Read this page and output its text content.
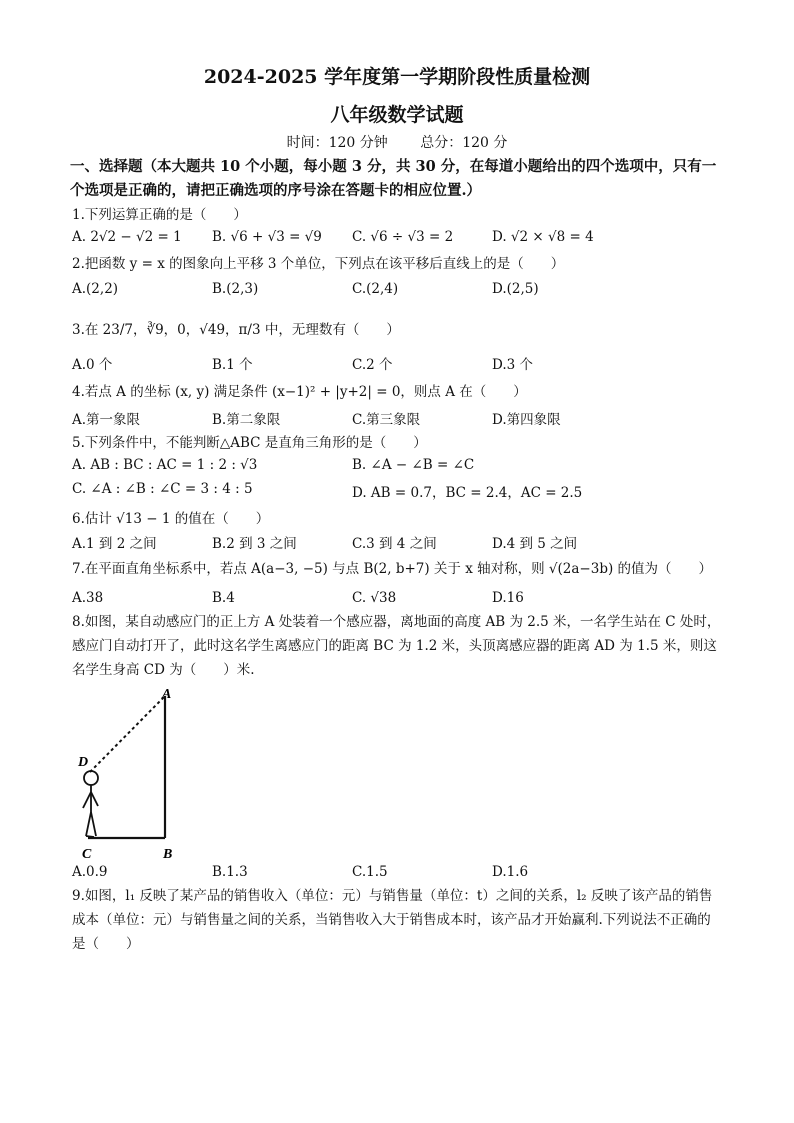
2024-2025 学年度第一学期阶段性质量检测
八年级数学试题
时间：120 分钟 总分：120 分
一、选择题（本大题共 10 个小题，每小题 3 分，共 30 分，在每道小题给出的四个选项中，只有一个选项是正确的，请把正确选项的序号涂在答题卡的相应位置.）
1.下列运算正确的是（　　）
A. 2√2 − √2 = 1 B. √6 + √3 = √9 C. √6 ÷ √3 = 2	D. √2 × √8 = 4
2.把函数 y = x 的图象向上平移 3 个单位，下列点在该平移后直线上的是（　　）
A.(2,2)	B.(2,3)	C.(2,4)	D.(2,5)
3.在 23/7，∛9，0，√49，π/3 中，无理数有（　　）
A.0 个	B.1 个	C.2 个	D.3 个
4.若点 A 的坐标 (x, y) 满足条件 (x−1)² + |y+2| = 0，则点 A 在（　　）
A.第一象限	B.第二象限	C.第三象限	D.第四象限
5.下列条件中，不能判断△ABC 是直角三角形的是（　　）
A. AB : BC : AC = 1 : 2 : √3	B. ∠A − ∠B = ∠C
C. ∠A : ∠B : ∠C = 3 : 4 : 5	D. AB = 0.7，BC = 2.4，AC = 2.5
6.估计 √13 − 1 的值在（　　）
A.1 到 2 之间	B.2 到 3 之间	C.3 到 4 之间	D.4 到 5 之间
7.在平面直角坐标系中，若点 A(a−3, −5) 与点 B(2, b+7) 关于 x 轴对称，则 √(2a−3b) 的值为（　　）
A.38	B.4	C. √38	D.16
8.如图，某自动感应门的正上方 A 处装着一个感应器，离地面的高度 AB 为 2.5 米，一名学生站在 C 处时，感应门自动打开了，此时这名学生离感应门的距离 BC 为 1.2 米，头顶离感应器的距离 AD 为 1.5 米，则这名学生身高 CD 为（　　）米.
A
B
C
D
A.0.9	B.1.3	C.1.5	D.1.6
9.如图，l₁ 反映了某产品的销售收入（单位：元）与销售量（单位：t）之间的关系，l₂ 反映了该产品的销售成本（单位：元）与销售量之间的关系，当销售收入大于销售成本时，该产品才开始赢利.下列说法不正确的是（　　）
